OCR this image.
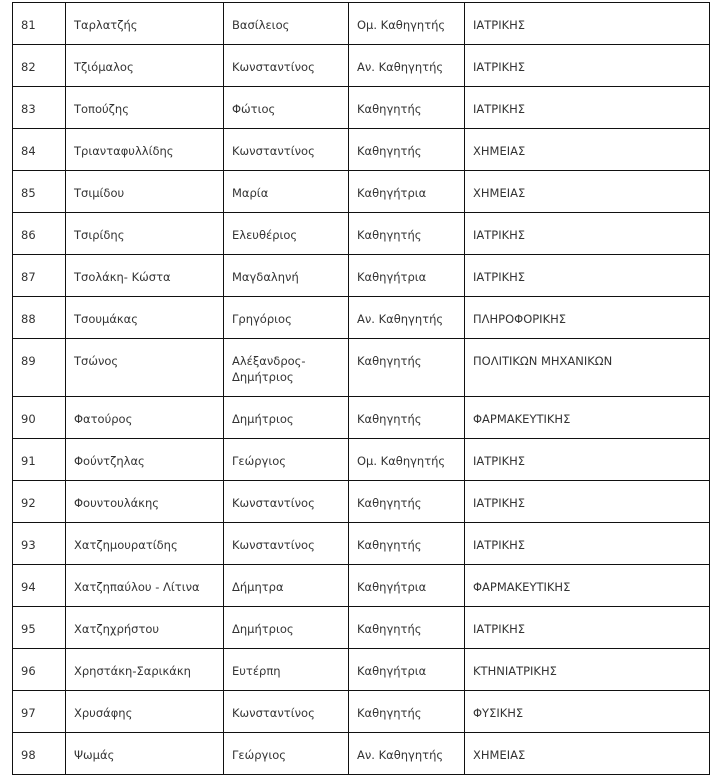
81	Ταρλατζής	Βασίλειος	Ομ. Καθηγητής	ΙΑΤΡΙΚΗΣ
82	Τζιόμαλος	Κωνσταντίνος	Αν. Καθηγητής	ΙΑΤΡΙΚΗΣ
83	Τοπούζης	Φώτιος	Καθηγητής	ΙΑΤΡΙΚΗΣ
84	Τριανταφυλλίδης	Κωνσταντίνος	Καθηγητής	ΧΗΜΕΙΑΣ
85	Τσιμίδου	Μαρία	Καθηγήτρια	ΧΗΜΕΙΑΣ
86	Τσιρίδης	Ελευθέριος	Καθηγητής	ΙΑΤΡΙΚΗΣ
87	Τσολάκη- Κώστα	Μαγδαληνή	Καθηγήτρια	ΙΑΤΡΙΚΗΣ
88	Τσουμάκας	Γρηγόριος	Αν. Καθηγητής	ΠΛΗΡΟΦΟΡΙΚΗΣ
89	Τσώνος	Αλέξανδρος-Δημήτριος	Καθηγητής	ΠΟΛΙΤΙΚΩΝ ΜΗΧΑΝΙΚΩΝ
90	Φατούρος	Δημήτριος	Καθηγητής	ΦΑΡΜΑΚΕΥΤΙΚΗΣ
91	Φούντζηλας	Γεώργιος	Ομ. Καθηγητής	ΙΑΤΡΙΚΗΣ
92	Φουντουλάκης	Κωνσταντίνος	Καθηγητής	ΙΑΤΡΙΚΗΣ
93	Χατζημουρατίδης	Κωνσταντίνος	Καθηγητής	ΙΑΤΡΙΚΗΣ
94	Χατζηπαύλου - Λίτινα	Δήμητρα	Καθηγήτρια	ΦΑΡΜΑΚΕΥΤΙΚΗΣ
95	Χατζηχρήστου	Δημήτριος	Καθηγητής	ΙΑΤΡΙΚΗΣ
96	Χρηστάκη-Σαρικάκη	Ευτέρπη	Καθηγήτρια	ΚΤΗΝΙΑΤΡΙΚΗΣ
97	Χρυσάφης	Κωνσταντίνος	Καθηγητής	ΦΥΣΙΚΗΣ
98	Ψωμάς	Γεώργιος	Αν. Καθηγητής	ΧΗΜΕΙΑΣ
